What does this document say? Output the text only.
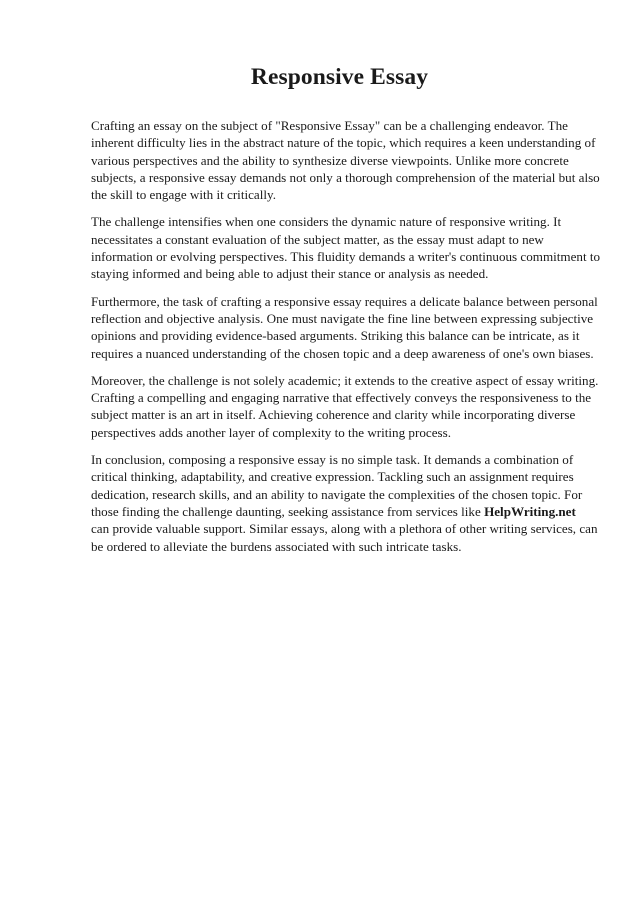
Responsive Essay

Crafting an essay on the subject of "Responsive Essay" can be a challenging endeavor. The
inherent difficulty lies in the abstract nature of the topic, which requires a keen understanding of
various perspectives and the ability to synthesize diverse viewpoints. Unlike more concrete
subjects, a responsive essay demands not only a thorough comprehension of the material but also
the skill to engage with it critically.

The challenge intensifies when one considers the dynamic nature of responsive writing. It
necessitates a constant evaluation of the subject matter, as the essay must adapt to new
information or evolving perspectives. This fluidity demands a writer's continuous commitment to
staying informed and being able to adjust their stance or analysis as needed.

Furthermore, the task of crafting a responsive essay requires a delicate balance between personal
reflection and objective analysis. One must navigate the fine line between expressing subjective
opinions and providing evidence-based arguments. Striking this balance can be intricate, as it
requires a nuanced understanding of the chosen topic and a deep awareness of one's own biases.

Moreover, the challenge is not solely academic; it extends to the creative aspect of essay writing.
Crafting a compelling and engaging narrative that effectively conveys the responsiveness to the
subject matter is an art in itself. Achieving coherence and clarity while incorporating diverse
perspectives adds another layer of complexity to the writing process.

In conclusion, composing a responsive essay is no simple task. It demands a combination of
critical thinking, adaptability, and creative expression. Tackling such an assignment requires
dedication, research skills, and an ability to navigate the complexities of the chosen topic. For
those finding the challenge daunting, seeking assistance from services like HelpWriting.net
can provide valuable support. Similar essays, along with a plethora of other writing services, can
be ordered to alleviate the burdens associated with such intricate tasks.
